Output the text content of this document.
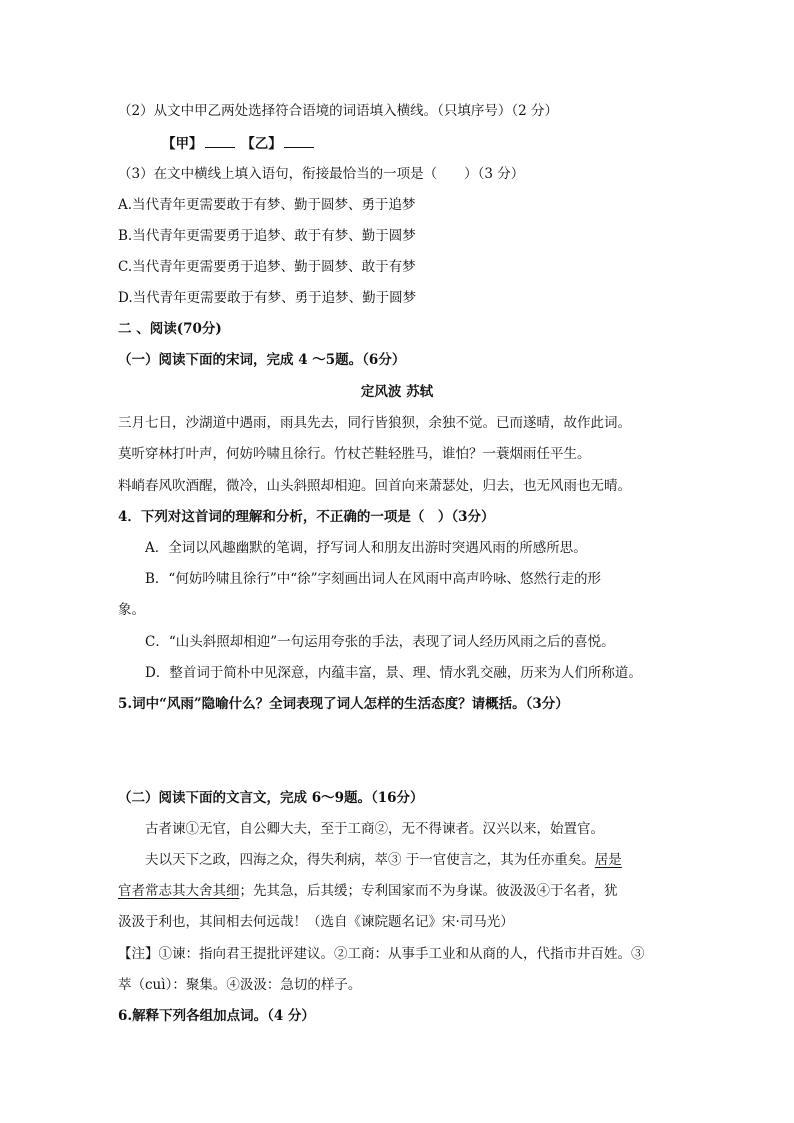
（2）从文中甲乙两处选择符合语境的词语填入横线。（只填序号）（2 分）
【甲】	【乙】
（3）在文中横线上填入语句，衔接最恰当的一项是（　　）（3 分）
A.当代青年更需要敢于有梦、勤于圆梦、勇于追梦
B.当代青年更需要勇于追梦、敢于有梦、勤于圆梦
C.当代青年更需要勇于追梦、勤于圆梦、敢于有梦
D.当代青年更需要敢于有梦、勇于追梦、勤于圆梦
二 、阅读(70分)
（一）阅读下面的宋词，完成 4 ～5题。（6分）
定风波 苏轼
三月七日，沙湖道中遇雨，雨具先去，同行皆狼狈，余独不觉。已而遂晴，故作此词。
莫听穿林打叶声，何妨吟啸且徐行。竹杖芒鞋轻胜马，谁怕？一蓑烟雨任平生。
料峭春风吹酒醒，微冷，山头斜照却相迎。回首向来萧瑟处，归去，也无风雨也无晴。
4．下列对这首词的理解和分析，不正确的一项是（　）（3分）
A．全词以风趣幽默的笔调，抒写词人和朋友出游时突遇风雨的所感所思。
B．“何妨吟啸且徐行”中“徐”字刻画出词人在风雨中高声吟咏、悠然行走的形
象。
C．“山头斜照却相迎”一句运用夸张的手法，表现了词人经历风雨之后的喜悦。
D．整首词于简朴中见深意，内蕴丰富，景、理、情水乳交融，历来为人们所称道。
5.词中“风雨”隐喻什么？全词表现了词人怎样的生活态度？请概括。（3分）
（二）阅读下面的文言文，完成 6～9题。（16分）
古者谏①无官，自公卿大夫，至于工商②，无不得谏者。汉兴以来，始置官。
夫以天下之政，四海之众，得失利病，萃③ 于一官使言之，其为任亦重矣。居是
官者常志其大舍其细；先其急，后其缓；专利国家而不为身谋。彼汲汲④于名者，犹
汲汲于利也，其间相去何远哉！（选自《谏院题名记》宋·司马光）
【注】①谏：指向君王提批评建议。②工商：从事手工业和从商的人，代指市井百姓。③
萃（cuì）：聚集。④汲汲：急切的样子。
6.解释下列各组加点词。（4 分）
